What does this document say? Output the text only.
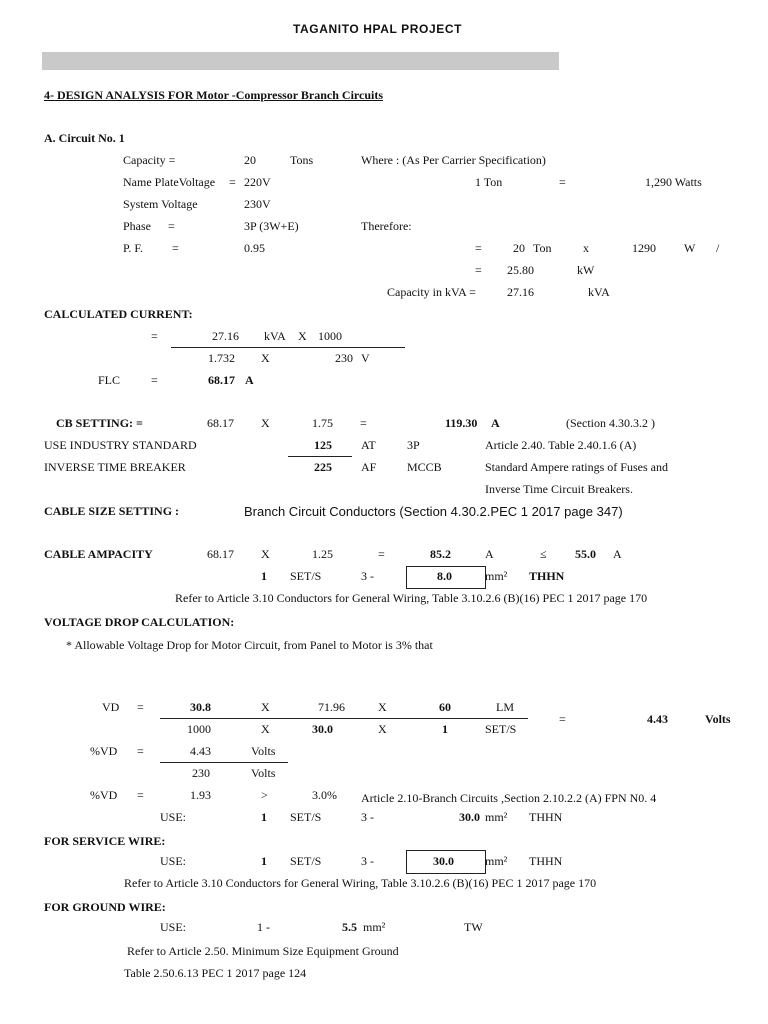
TAGANITO HPAL PROJECT
4- DESIGN ANALYSIS FOR Motor -Compressor Branch Circuits
A. Circuit No. 1
Capacity =	20	Tons	Where : (As Per Carrier Specification)
Name PlateVoltage = 220V	1 Ton	=	1,290 Watts
System Voltage	230V
Phase =	3P (3W+E)	Therefore:
P. F. =	0.95	=	20 Ton	x	1290 W /
= 25.80	kW
Capacity in kVA =	27.16	kVA
CALCULATED CURRENT:
=	27.16 kVA X 1000
1.732 X	230 V
FLC	=	68.17 A
CB SETTING: =	68.17 X	1.75 =	119.30 A	(Section 4.30.3.2 )
USE INDUSTRY STANDARD	125 AT	3P	Article 2.40. Table 2.40.1.6 (A)
INVERSE TIME BREAKER	225 AF	MCCB	Standard Ampere ratings of Fuses and
Inverse Time Circuit Breakers.
CABLE SIZE SETTING :	Branch Circuit Conductors (Section 4.30.2.PEC 1 2017 page 347)
CABLE AMPACITY	68.17 X	1.25	=	85.2	A	≤ 55.0 A
1 SET/S	3 -	8.0	mm² THHN
Refer to Article 3.10 Conductors for General Wiring, Table 3.10.2.6 (B)(16) PEC 1 2017 page 170
VOLTAGE DROP CALCULATION:
* Allowable Voltage Drop for Motor Circuit, from Panel to Motor is 3% that
VD =	30.8	X	71.96	X	60	LM
1000	X	30.0	X	1	SET/S
=	4.43	Volts
%VD =	4.43	Volts
230	Volts
%VD =	1.93	>	3.0% Article 2.10-Branch Circuits ,Section 2.10.2.2 (A) FPN N0. 4
USE:	1 SET/S	3 -	30.0 mm² THHN
FOR SERVICE WIRE:
USE:	1 SET/S	3 -	30.0	mm² THHN
Refer to Article 3.10 Conductors for General Wiring, Table 3.10.2.6 (B)(16) PEC 1 2017 page 170
FOR GROUND WIRE:
USE:	1 -	5.5 mm²	TW
Refer to Article 2.50. Minimum Size Equipment Ground
Table 2.50.6.13 PEC 1 2017 page 124
